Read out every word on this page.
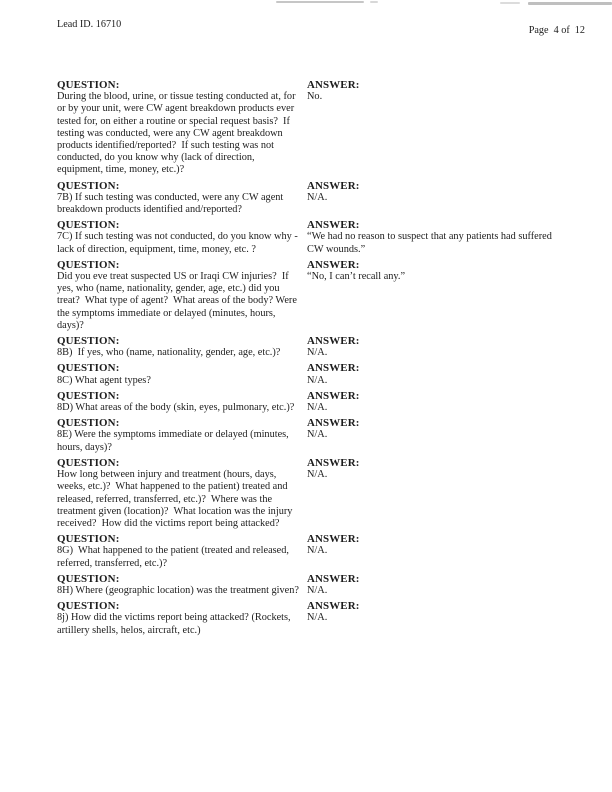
Lead ID. 16710
Page  4 of  12
QUESTION:
During the blood, urine, or tissue testing conducted at, for or by your unit, were CW agent breakdown products ever tested for, on either a routine or special request basis?  If testing was conducted, were any CW agent breakdown products identified/reported?  If such testing was not conducted, do you know why (lack of direction, equipment, time, money, etc.)?
ANSWER:
No.
QUESTION:
7B) If such testing was conducted, were any CW agent breakdown products identified and/reported?
ANSWER:
N/A.
QUESTION:
7C) If such testing was not conducted, do you know why - lack of direction, equipment, time, money, etc. ?
ANSWER:
“We had no reason to suspect that any patients had suffered CW wounds.”
QUESTION:
Did you eve treat suspected US or Iraqi CW injuries?  If yes, who (name, nationality, gender, age, etc.) did you treat?  What type of agent?  What areas of the body? Were the symptoms immediate or delayed (minutes, hours, days)?
ANSWER:
“No, I can’t recall any.”
QUESTION:
8B)  If yes, who (name, nationality, gender, age, etc.)?
ANSWER:
N/A.
QUESTION:
8C) What agent types?
ANSWER:
N/A.
QUESTION:
8D) What areas of the body (skin, eyes, pulmonary, etc.)?
ANSWER:
N/A.
QUESTION:
8E) Were the symptoms immediate or delayed (minutes, hours, days)?
ANSWER:
N/A.
QUESTION:
How long between injury and treatment (hours, days, weeks, etc.)?  What happened to the patient) treated and released, referred, transferred, etc.)?  Where was the treatment given (location)?  What location was the injury received?  How did the victims report being attacked?
ANSWER:
N/A.
QUESTION:
8G)  What happened to the patient (treated and released, referred, transferred, etc.)?
ANSWER:
N/A.
QUESTION:
8H) Where (geographic location) was the treatment given?
ANSWER:
N/A.
QUESTION:
8j) How did the victims report being attacked? (Rockets, artillery shells, helos, aircraft, etc.)
ANSWER:
N/A.
